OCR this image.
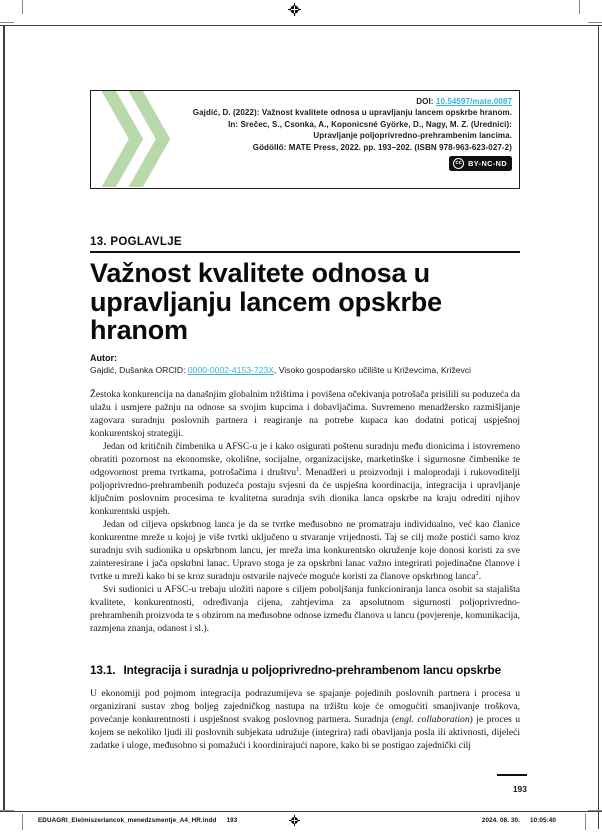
DOI: 10.54597/mate.0087
Gajdić, D. (2022): Važnost kvalitete odnosa u upravljanju lancem opskrbe hranom.
In: Srečec, S., Csonka, A., Koponicsné Györke, D., Nagy, M. Z. (Urednici):
Upravljanje poljoprivredno-prehrambenim lancima.
Gödöllő: MATE Press, 2022. pp. 193–202. (ISBN 978-963-623-027-2)
cc BY-NC-ND
13. POGLAVLJE
Važnost kvalitete odnosa u upravljanju lancem opskrbe hranom
Autor:
Gajdić, Dušanka ORCID: 0000-0002-4153-723X, Visoko gospodarsko učilište u Križevcima, Križevci

Žestoka konkurencija na današnjim globalnim tržištima i povišena očekivanja potrošača prisilili su poduzeća da ulažu i usmjere pažnju na odnose sa svojim kupcima i dobavljačima. Suvremeno menadžersko razmišljanje zagovara suradnju poslovnih partnera i reagiranje na potrebe kupaca kao dodatni poticaj uspješnoj konkurentskoj strategiji.

Jedan od kritičnih čimbenika u AFSC-u je i kako osigurati poštenu suradnju među dionicima i istovremeno obratiti pozornost na ekonomske, okolišne, socijalne, organizacijske, marketinške i sigurnosne čimbenike te odgovornost prema tvrtkama, potrošačima i društvu$^1$. Menadžeri u proizvodnji i maloprodaji i rukovoditelji poljoprivredno-prehrambenih poduzeća postaju svjesni da će uspješna koordinacija, integracija i upravljanje ključnim poslovnim procesima te kvalitetna suradnja svih dionika lanca opskrbe na kraju odrediti njihov konkurentski uspjeh.

Jedan od ciljeva opskrbnog lanca je da se tvrtke međusobno ne promatraju individualno, već kao članice konkurentne mreže u kojoj je više tvrtki uključeno u stvaranje vrijednosti. Taj se cilj može postići samo kroz suradnju svih sudionika u opskrbnom lancu, jer mreža ima konkurentsko okruženje koje donosi koristi za sve zainteresirane i jača opskrbni lanac. Upravo stoga je za opskrbni lanac važno integrirati pojedinačne članove i tvrtke u mreži kako bi se kroz suradnju ostvarile najveće moguće koristi za članove opskrbnog lanca$^2$.

Svi sudionici u AFSC-u trebaju uložiti napore s ciljem poboljšanja funkcioniranja lanca osobit sa stajališta kvalitete, konkurentnosti, određivanja cijena, zahtjevima za apsolutnom sigurnosti poljoprivredno-prehrambenih proizvoda te s obzirom na međusobne odnose između članova u lancu (povjerenje, komunikacija, razmjena znanja, odanost i sl.).

13.1. Integracija i suradnja u poljoprivredno-prehrambenom lancu opskrbe

U ekonomiji pod pojmom integracija podrazumijeva se spajanje pojedinih poslovnih partnera i procesa u organizirani sustav zbog boljeg zajedničkog nastupa na tržištu koje će omogućiti smanjivanje troškova, povećanje konkurentnosti i uspješnost svakog poslovnog partnera. Suradnja (engl. collaboration) je proces u kojem se nekoliko ljudi ili poslovnih subjekata udružuje (integrira) radi obavljanja posla ili aktivnosti, dijeleći zadatke i uloge, međusobno si pomažući i koordinirajući napore, kako bi se postigao zajednički cilj

193
EDUAGRI_Elelmiszerlancok_menedzsmentje_A4_HR.indd 193	2024. 08. 30. 10:05:40
